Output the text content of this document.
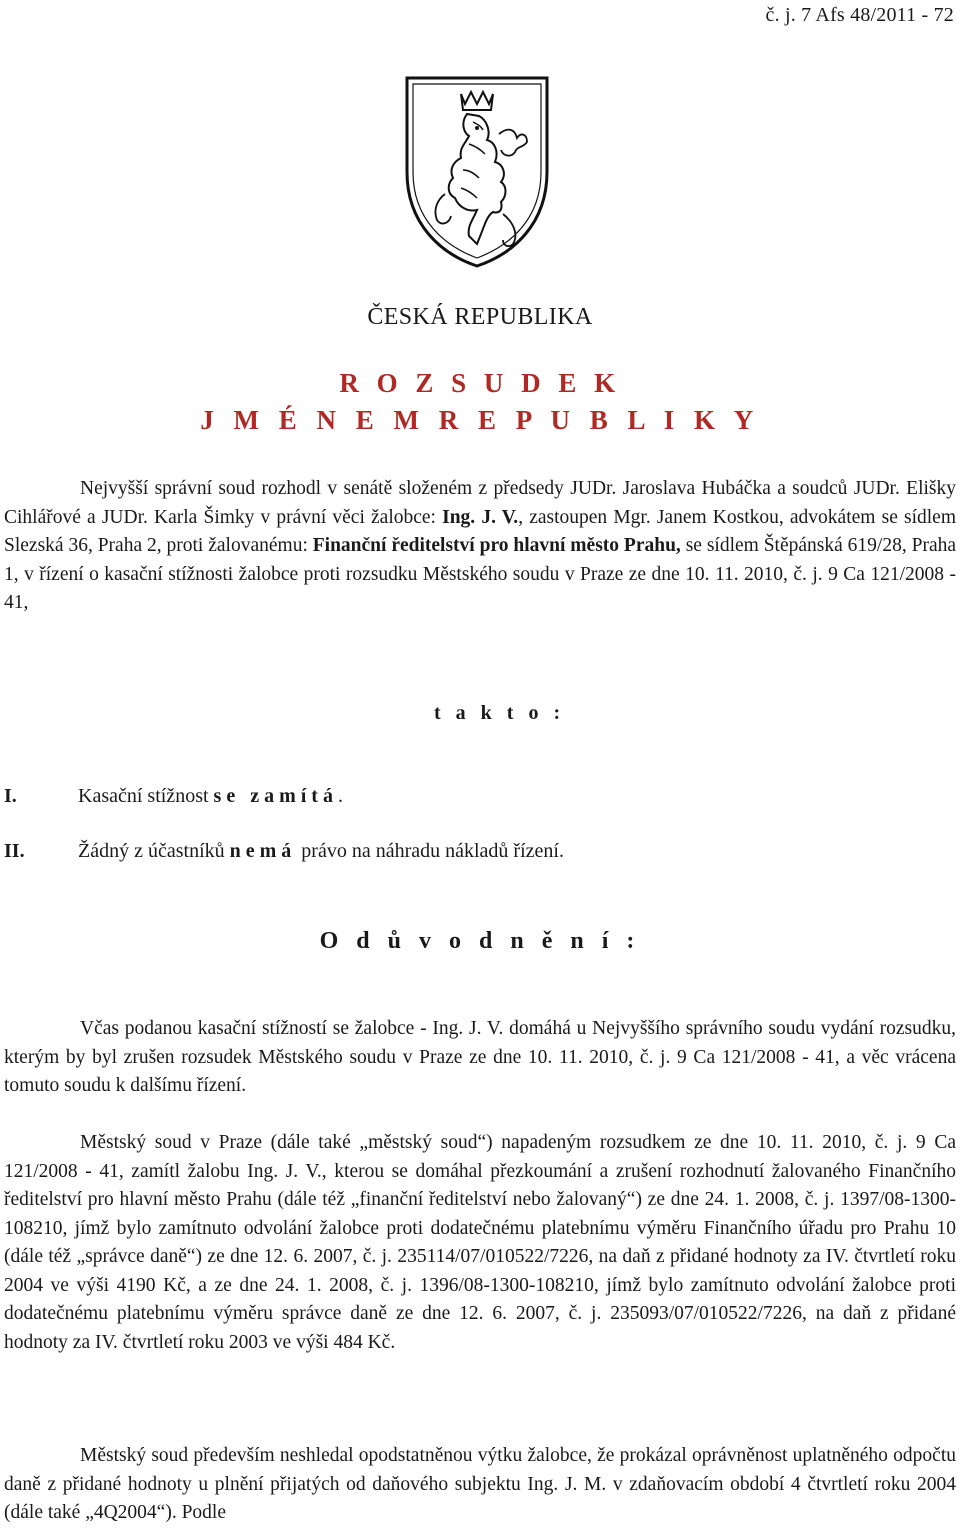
č. j. 7 Afs 48/2011 - 72
ČESKÁ REPUBLIKA
R O Z S U D E K
J M É N E M R E P U B L I K Y
Nejvyšší správní soud rozhodl v senátě složeném z předsedy JUDr. Jaroslava Hubáčka a soudců JUDr. Elišky Cihlářové a JUDr. Karla Šimky v právní věci žalobce: Ing. J. V., zastoupen Mgr. Janem Kostkou, advokátem se sídlem Slezská 36, Praha 2, proti žalovanému: Finanční ředitelství pro hlavní město Prahu, se sídlem Štěpánská 619/28, Praha 1, v řízení o kasační stížnosti žalobce proti rozsudku Městského soudu v Praze ze dne 10. 11. 2010, č. j. 9 Ca 121/2008 - 41,
t a k t o :
I.	Kasační stížnost se zamítá.
II.	Žádný z účastníků nemá právo na náhradu nákladů řízení.
O d ů v o d n ě n í :
Včas podanou kasační stížností se žalobce - Ing. J. V. domáhá u Nejvyššího správního soudu vydání rozsudku, kterým by byl zrušen rozsudek Městského soudu v Praze ze dne 10. 11. 2010, č. j. 9 Ca 121/2008 - 41, a věc vrácena tomuto soudu k dalšímu řízení.
Městský soud v Praze (dále také „městský soud“) napadeným rozsudkem ze dne 10. 11. 2010, č. j. 9 Ca 121/2008 - 41, zamítl žalobu Ing. J. V., kterou se domáhal přezkoumání a zrušení rozhodnutí žalovaného Finančního ředitelství pro hlavní město Prahu (dále též „finanční ředitelství nebo žalovaný“) ze dne 24. 1. 2008, č. j. 1397/08-1300-108210, jímž bylo zamítnuto odvolání žalobce proti dodatečnému platebnímu výměru Finančního úřadu pro Prahu 10 (dále též „správce daně“) ze dne 12. 6. 2007, č. j. 235114/07/010522/7226, na daň z přidané hodnoty za IV. čtvrtletí roku 2004 ve výši 4190 Kč, a ze dne 24. 1. 2008, č. j. 1396/08-1300-108210, jímž bylo zamítnuto odvolání žalobce proti dodatečnému platebnímu výměru správce daně ze dne 12. 6. 2007, č. j. 235093/07/010522/7226, na daň z přidané hodnoty za IV. čtvrtletí roku 2003 ve výši 484 Kč.
Městský soud především neshledal opodstatněnou výtku žalobce, že prokázal oprávněnost uplatněného odpočtu daně z přidané hodnoty u plnění přijatých od daňového subjektu Ing. J. M. v zdaňovacím období 4 čtvrtletí roku 2004 (dále také „4Q2004“). Podle
